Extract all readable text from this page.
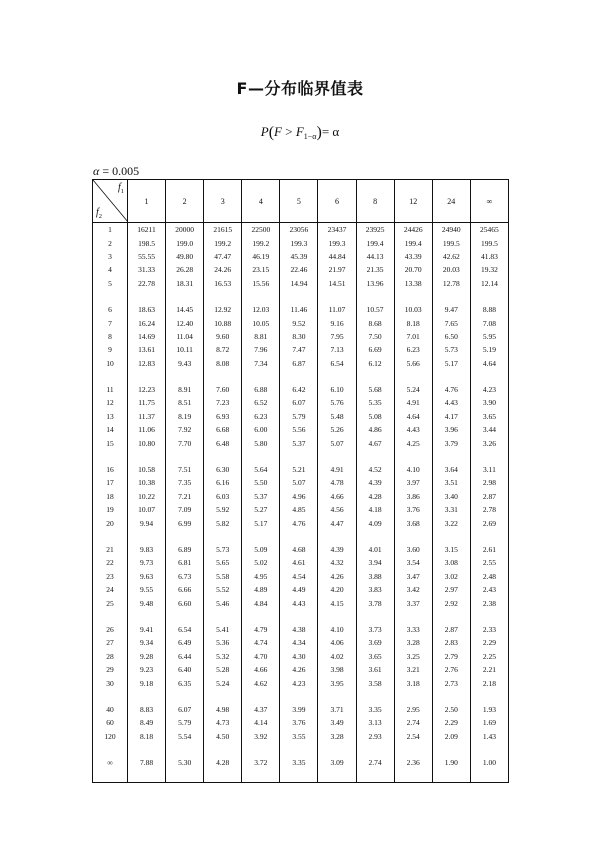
F—分布临界值表
$P(F > F_{1-\alpha})= \alpha$
α = 0.005
$f_1$
$f_2$	1	2	3	4	5	6	8	12	24	∞
1	16211	20000	21615	22500	23056	23437	23925	24426	24940	25465
2	198.5	199.0	199.2	199.2	199.3	199.3	199.4	199.4	199.5	199.5
3	55.55	49.80	47.47	46.19	45.39	44.84	44.13	43.39	42.62	41.83
4	31.33	26.28	24.26	23.15	22.46	21.97	21.35	20.70	20.03	19.32
5	22.78	18.31	16.53	15.56	14.94	14.51	13.96	13.38	12.78	12.14

6	18.63	14.45	12.92	12.03	11.46	11.07	10.57	10.03	9.47	8.88
7	16.24	12.40	10.88	10.05	9.52	9.16	8.68	8.18	7.65	7.08
8	14.69	11.04	9.60	8.81	8.30	7.95	7.50	7.01	6.50	5.95
9	13.61	10.11	8.72	7.96	7.47	7.13	6.69	6.23	5.73	5.19
10	12.83	9.43	8.08	7.34	6.87	6.54	6.12	5.66	5.17	4.64

11	12.23	8.91	7.60	6.88	6.42	6.10	5.68	5.24	4.76	4.23
12	11.75	8.51	7.23	6.52	6.07	5.76	5.35	4.91	4.43	3.90
13	11.37	8.19	6.93	6.23	5.79	5.48	5.08	4.64	4.17	3.65
14	11.06	7.92	6.68	6.00	5.56	5.26	4.86	4.43	3.96	3.44
15	10.80	7.70	6.48	5.80	5.37	5.07	4.67	4.25	3.79	3.26

16	10.58	7.51	6.30	5.64	5.21	4.91	4.52	4.10	3.64	3.11
17	10.38	7.35	6.16	5.50	5.07	4.78	4.39	3.97	3.51	2.98
18	10.22	7.21	6.03	5.37	4.96	4.66	4.28	3.86	3.40	2.87
19	10.07	7.09	5.92	5.27	4.85	4.56	4.18	3.76	3.31	2.78
20	9.94	6.99	5.82	5.17	4.76	4.47	4.09	3.68	3.22	2.69

21	9.83	6.89	5.73	5.09	4.68	4.39	4.01	3.60	3.15	2.61
22	9.73	6.81	5.65	5.02	4.61	4.32	3.94	3.54	3.08	2.55
23	9.63	6.73	5.58	4.95	4.54	4.26	3.88	3.47	3.02	2.48
24	9.55	6.66	5.52	4.89	4.49	4.20	3.83	3.42	2.97	2.43
25	9.48	6.60	5.46	4.84	4.43	4.15	3.78	3.37	2.92	2.38

26	9.41	6.54	5.41	4.79	4.38	4.10	3.73	3.33	2.87	2.33
27	9.34	6.49	5.36	4.74	4.34	4.06	3.69	3.28	2.83	2.29
28	9.28	6.44	5.32	4.70	4.30	4.02	3.65	3.25	2.79	2.25
29	9.23	6.40	5.28	4.66	4.26	3.98	3.61	3.21	2.76	2.21
30	9.18	6.35	5.24	4.62	4.23	3.95	3.58	3.18	2.73	2.18

40	8.83	6.07	4.98	4.37	3.99	3.71	3.35	2.95	2.50	1.93
60	8.49	5.79	4.73	4.14	3.76	3.49	3.13	2.74	2.29	1.69
120	8.18	5.54	4.50	3.92	3.55	3.28	2.93	2.54	2.09	1.43

∞	7.88	5.30	4.28	3.72	3.35	3.09	2.74	2.36	1.90	1.00
